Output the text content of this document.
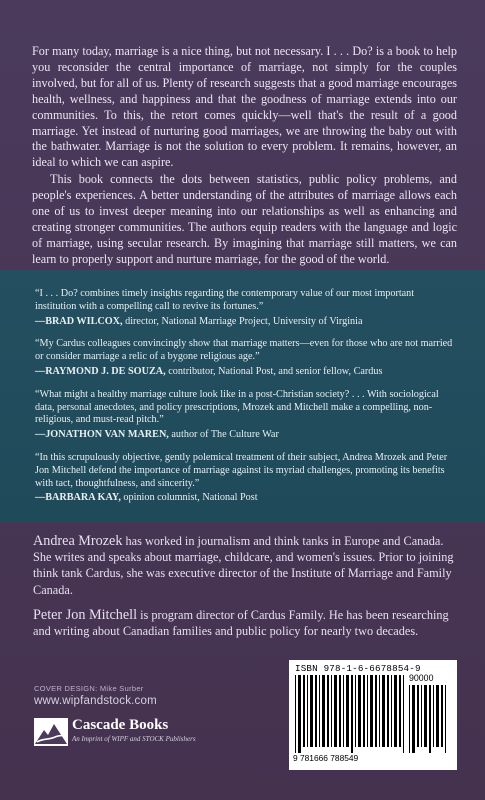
For many today, marriage is a nice thing, but not necessary. I . . . Do? is a book to help you reconsider the central importance of marriage, not simply for the couples involved, but for all of us. Plenty of research suggests that a good marriage encourages health, wellness, and happiness and that the goodness of marriage extends into our communities. To this, the retort comes quickly—well that's the result of a good marriage. Yet instead of nurturing good marriages, we are throwing the baby out with the bathwater. Marriage is not the solution to every problem. It remains, however, an ideal to which we can aspire.

This book connects the dots between statistics, public policy problems, and people's experiences. A better understanding of the attributes of marriage allows each one of us to invest deeper meaning into our relationships as well as enhancing and creating stronger communities. The authors equip readers with the language and logic of marriage, using secular research. By imagining that marriage still matters, we can learn to properly support and nurture marriage, for the good of the world.

“I . . . Do? combines timely insights regarding the contemporary value of our most important institution with a compelling call to revive its fortunes.”

—BRAD WILCOX, director, National Marriage Project, University of Virginia

“My Cardus colleagues convincingly show that marriage matters—even for those who are not married or consider marriage a relic of a bygone religious age.”

—RAYMOND J. DE SOUZA, contributor, National Post, and senior fellow, Cardus

“What might a healthy marriage culture look like in a post-Christian society? . . . With sociological data, personal anecdotes, and policy prescriptions, Mrozek and Mitchell make a compelling, non-religious, and must-read pitch.”

—JONATHON VAN MAREN, author of The Culture War

“In this scrupulously objective, gently polemical treatment of their subject, Andrea Mrozek and Peter Jon Mitchell defend the importance of marriage against its myriad challenges, promoting its benefits with tact, thoughtfulness, and sincerity.”

—BARBARA KAY, opinion columnist, National Post

Andrea Mrozek has worked in journalism and think tanks in Europe and Canada. She writes and speaks about marriage, childcare, and women's issues. Prior to joining think tank Cardus, she was executive director of the Institute of Marriage and Family Canada.

Peter Jon Mitchell is program director of Cardus Family. He has been researching and writing about Canadian families and public policy for nearly two decades.

COVER DESIGN: Mike Surber
www.wipfandstock.com
Cascade Books
An Imprint of WIPF and STOCK Publishers
ISBN 978-1-6-6678854-9
90000
9 781666 788549
